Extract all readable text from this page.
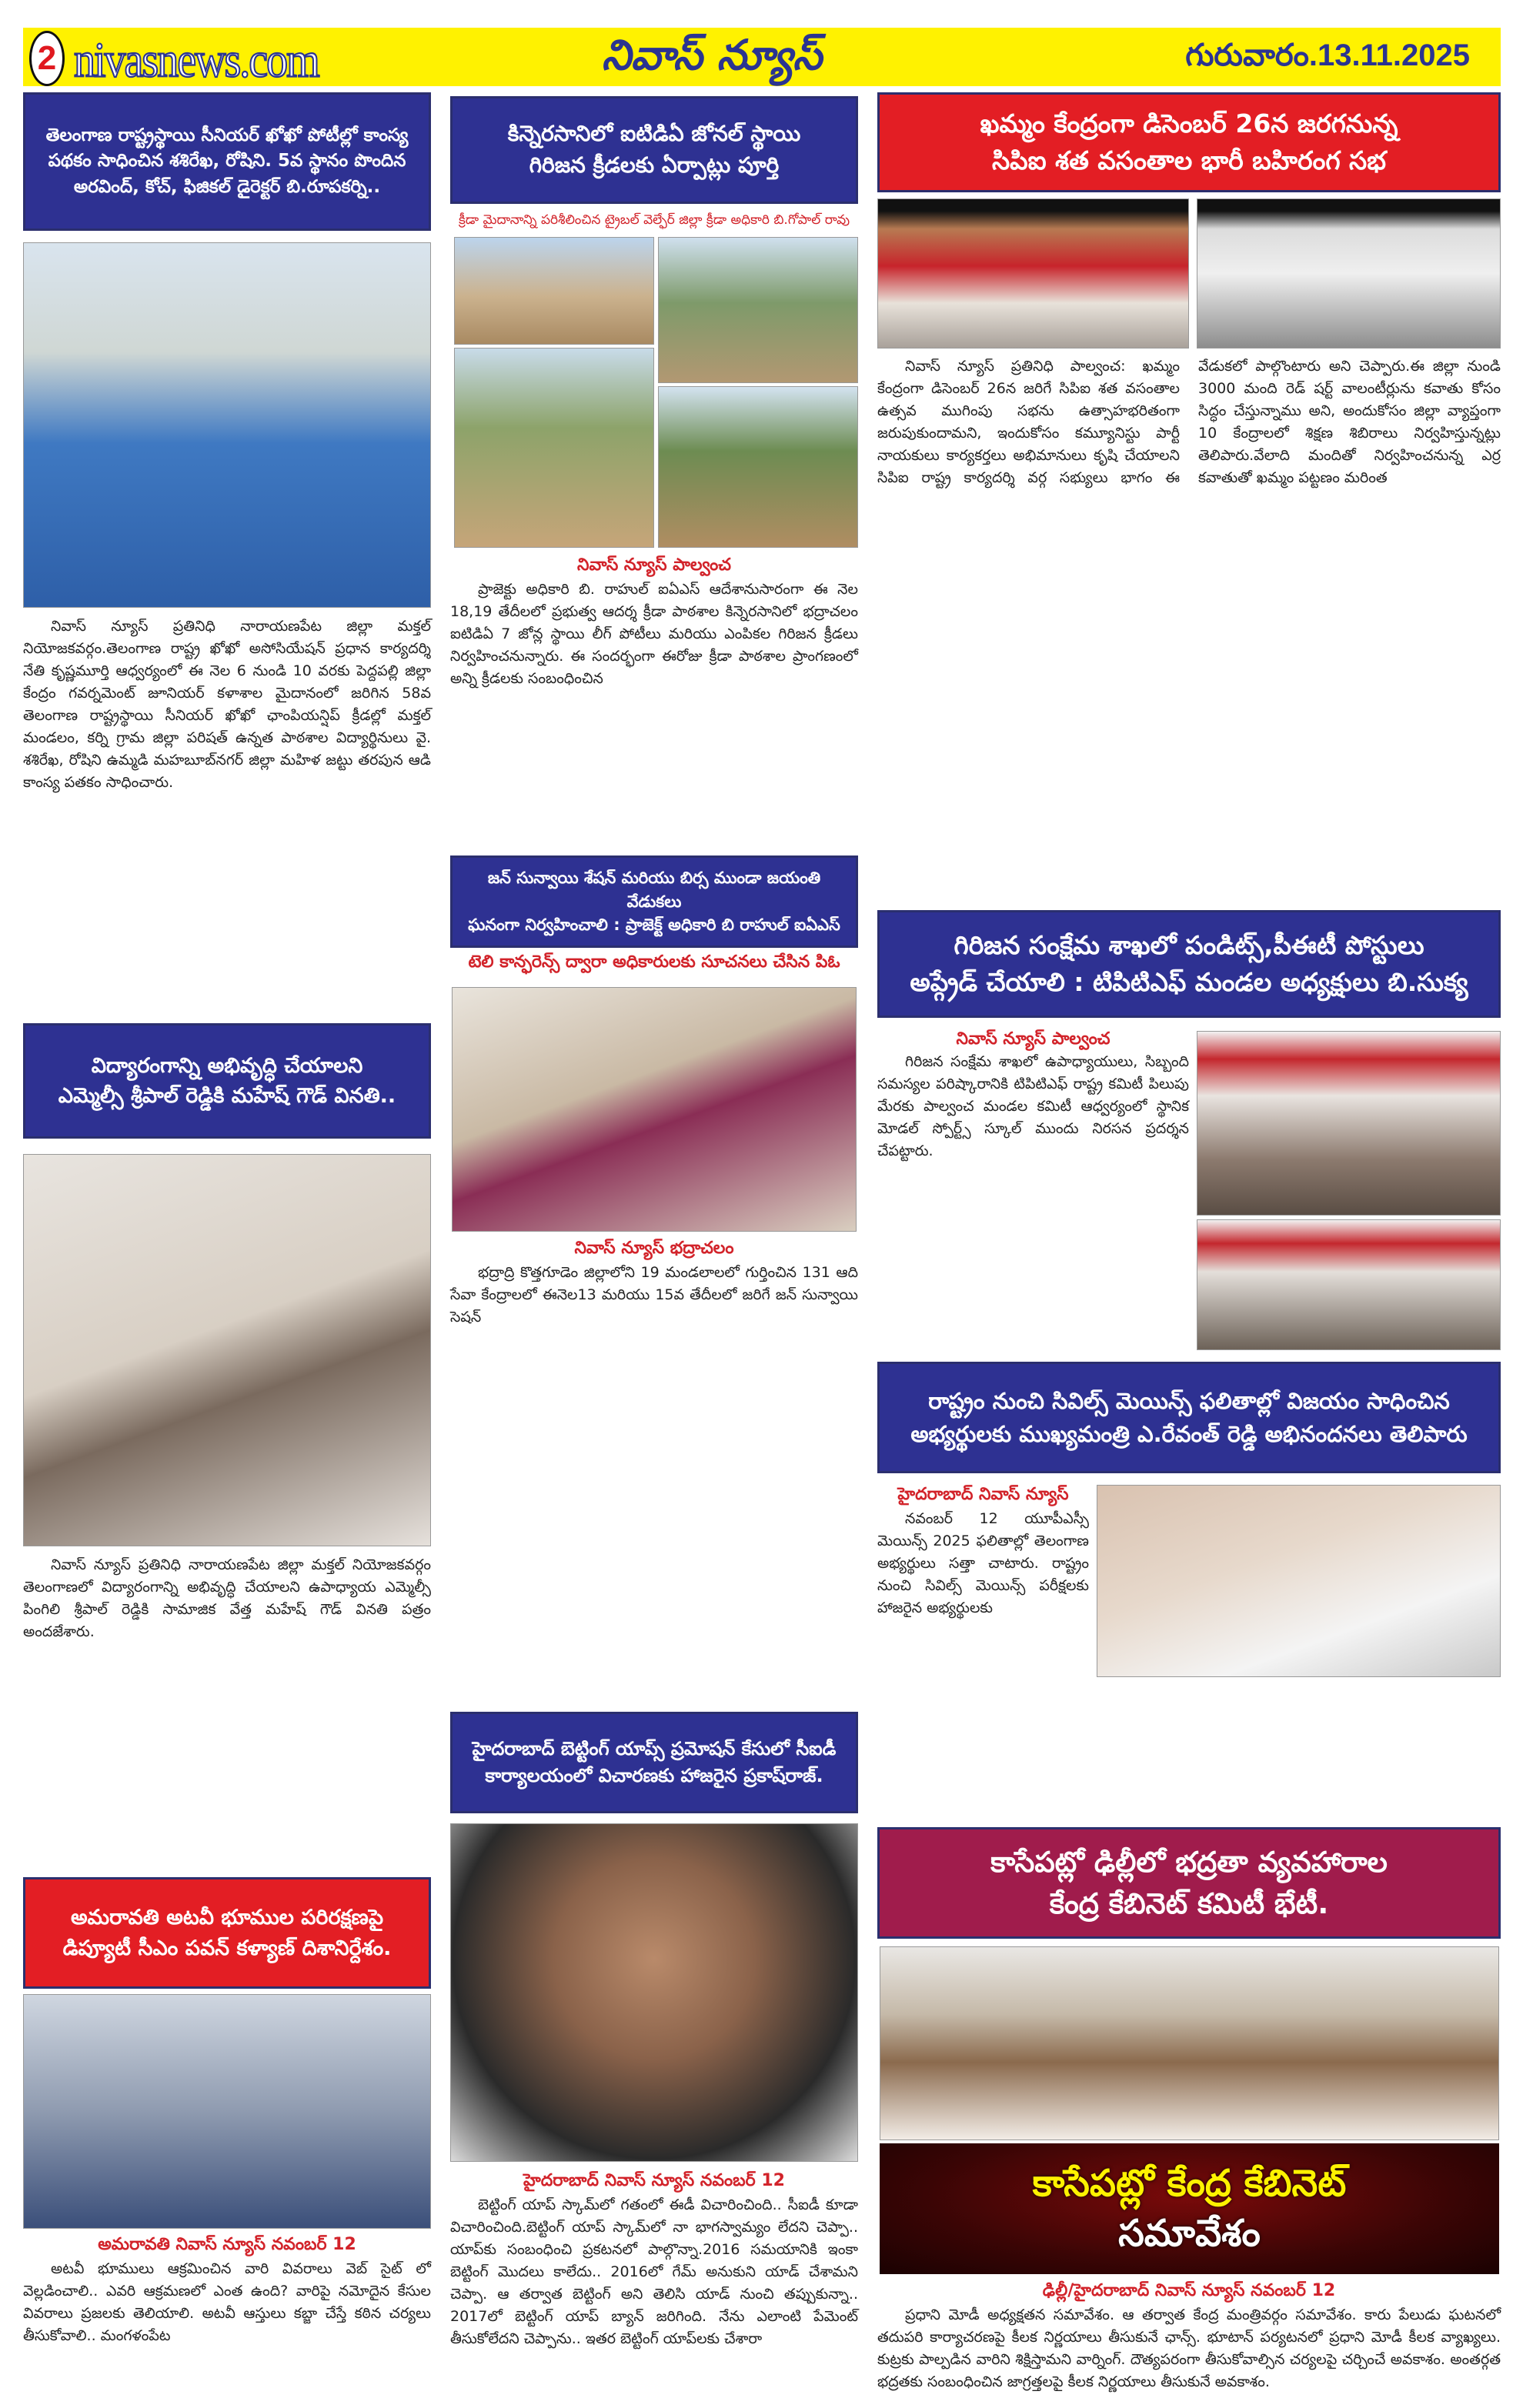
2 nivasnews.com	నివాస్ న్యూస్	గురువారం.13.11.2025
తెలంగాణ రాష్ట్రస్థాయి సీనియర్ ఖోఖో పోటీల్లో కాంస్య
పథకం సాధించిన శశిరేఖ, రోషిని. 5వ స్థానం పొందిన
అరవింద్, కోచ్, ఫిజికల్ డైరెక్టర్ బి.రూపకర్ని..

నివాస్ న్యూస్ ప్రతినిధి నారాయణపేట జిల్లా మక్తల్ నియోజకవర్గం.తెలంగాణ రాష్ట్ర ఖోఖో అసోసియేషన్ ప్రధాన కార్యదర్శి నేతి కృష్ణమూర్తి ఆధ్వర్యంలో ఈ నెల 6 నుండి 10 వరకు పెద్దపల్లి జిల్లా కేంద్రం గవర్నమెంట్ జూనియర్ కళాశాల మైదానంలో జరిగిన 58వ తెలంగాణ రాష్ట్రస్థాయి సీనియర్ ఖోఖో ఛాంపియన్షిప్ క్రీడల్లో మక్తల్ మండలం, కర్ని గ్రామ జిల్లా పరిషత్ ఉన్నత పాఠశాల విద్యార్థినులు వై. శశిరేఖ, రోషిని ఉమ్మడి మహబూబ్‌నగర్ జిల్లా మహిళ జట్టు తరపున ఆడి కాంస్య పతకం సాధించారు.

విద్యారంగాన్ని అభివృద్ధి చేయాలని
ఎమ్మెల్సీ శ్రీపాల్ రెడ్డికి మహేష్ గౌడ్ వినతి..

నివాస్ న్యూస్ ప్రతినిధి నారాయణపేట జిల్లా మక్తల్ నియోజకవర్గం తెలంగాణలో విద్యారంగాన్ని అభివృద్ధి చేయాలని ఉపాధ్యాయ ఎమ్మెల్సీ పింగిలి శ్రీపాల్ రెడ్డికి సామాజిక వేత్త మహేష్ గౌడ్ వినతి పత్రం అందజేశారు.

అమరావతి అటవీ భూముల పరిరక్షణపై
డిప్యూటీ సీఎం పవన్ కళ్యాణ్ దిశానిర్దేశం.
అమరావతి నివాస్ న్యూస్ నవంబర్ 12

అటవీ భూములు ఆక్రమించిన వారి వివరాలు వెబ్ సైట్ లో వెల్లడించాలి.. ఎవరి ఆక్రమణలో ఎంత ఉంది? వారిపై నమోదైన కేసుల వివరాలు ప్రజలకు తెలియాలి. అటవీ ఆస్తులు కబ్జా చేస్తే కఠిన చర్యలు తీసుకోవాలి.. మంగళంపేట

కిన్నెరసానిలో ఐటిడిఏ జోనల్ స్థాయి
గిరిజన క్రీడలకు ఏర్పాట్లు పూర్తి
క్రీడా మైదానాన్ని పరిశీలించిన ట్రైబల్ వెల్ఫేర్ జిల్లా క్రీడా అధికారి బి.గోపాల్ రావు
నివాస్ న్యూస్ పాల్వంచ

ప్రాజెక్టు అధికారి బి. రాహుల్ ఐఏఎస్ ఆదేశానుసారంగా ఈ నెల 18,19 తేదీలలో ప్రభుత్వ ఆదర్శ క్రీడా పాఠశాల కిన్నెరసానిలో భద్రాచలం ఐటిడిఏ 7 జోన్ల స్థాయి లీగ్ పోటీలు మరియు ఎంపికల గిరిజన క్రీడలు నిర్వహించనున్నారు. ఈ సందర్భంగా ఈరోజు క్రీడా పాఠశాల ప్రాంగణంలో అన్ని క్రీడలకు సంబంధించిన

జన్ సున్వాయి శేషన్ మరియు బిర్స ముండా జయంతి వేడుకలు
ఘనంగా నిర్వహించాలి : ప్రాజెక్ట్ అధికారి బి రాహుల్ ఐఏఎస్
టెలి కాన్ఫరెన్స్ ద్వారా అధికారులకు సూచనలు చేసిన పిఓ
నివాస్ న్యూస్ భద్రాచలం

భద్రాద్రి కొత్తగూడెం జిల్లాలోని 19 మండలాలలో గుర్తించిన 131 ఆది సేవా కేంద్రాలలో ఈనెల13 మరియు 15వ తేదీలలో జరిగే జన్ సున్వాయి సెషన్

హైదరాబాద్ బెట్టింగ్ యాప్స్ ప్రమోషన్ కేసులో సీఐడీ
కార్యాలయంలో విచారణకు హాజరైన ప్రకాష్‌రాజ్.
హైదరాబాద్ నివాస్ న్యూస్ నవంబర్ 12

బెట్టింగ్ యాప్ స్కామ్‌లో గతంలో ఈడీ విచారించింది.. సీఐడీ కూడా విచారించింది.బెట్టింగ్ యాప్ స్కామ్‌లో నా భాగస్వామ్యం లేదని చెప్పా.. యాప్‌కు సంబంధించి ప్రకటనలో పాల్గొన్నా.2016 సమయానికి ఇంకా బెట్టింగ్ మొదలు కాలేదు.. 2016లో గేమ్ అనుకుని యాడ్ చేశామని చెప్పా. ఆ తర్వాత బెట్టింగ్ అని తెలిసి యాడ్ నుంచి తప్పుకున్నా.. 2017లో బెట్టింగ్ యాప్ బ్యాన్ జరిగింది. నేను ఎలాంటి పేమెంట్ తీసుకోలేదని చెప్పాను.. ఇతర బెట్టింగ్ యాప్‌లకు చేశారా

ఖమ్మం కేంద్రంగా డిసెంబర్ 26న జరగనున్న
సిపిఐ శత వసంతాల భారీ బహిరంగ సభ

నివాస్ న్యూస్ ప్రతినిధి పాల్వంచ: ఖమ్మం కేంద్రంగా డిసెంబర్ 26న జరిగే సిపిఐ శత వసంతాల ఉత్సవ ముగింపు సభను ఉత్సాహభరితంగా జరుపుకుందామని, ఇందుకోసం కమ్యూనిస్టు పార్టీ నాయకులు కార్యకర్తలు అభిమానులు కృషి చేయాలని సిపిఐ రాష్ట్ర కార్యదర్శి వర్గ సభ్యులు భాగం ఈ వేడుకలో పాల్గొంటారు అని చెప్పారు.ఈ జిల్లా నుండి 3000 మంది రెడ్ షర్ట్ వాలంటీర్లును కవాతు కోసం సిద్ధం చేస్తున్నాము అని, అందుకోసం జిల్లా వ్యాప్తంగా 10 కేంద్రాలలో శిక్షణ శిబిరాలు నిర్వహిస్తున్నట్లు తెలిపారు.వేలాది మందితో నిర్వహించనున్న ఎర్ర కవాతుతో ఖమ్మం పట్టణం మరింత

గిరిజన సంక్షేమ శాఖలో పండిట్స్,పీఈటీ పోస్టులు
అప్గ్రేడ్ చేయాలి : టిపిటిఎఫ్ మండల అధ్యక్షులు బి.సుక్య
నివాస్ న్యూస్ పాల్వంచ

గిరిజన సంక్షేమ శాఖలో ఉపాధ్యాయులు, సిబ్బంది సమస్యల పరిష్కారానికి టిపిటిఎఫ్ రాష్ట్ర కమిటీ పిలుపు మేరకు పాల్వంచ మండల కమిటీ ఆధ్వర్యంలో స్థానిక మోడల్ స్పోర్ట్స్ స్కూల్ ముందు నిరసన ప్రదర్శన చేపట్టారు.

రాష్ట్రం నుంచి సివిల్స్ మెయిన్స్ ఫలితాల్లో విజయం సాధించిన
అభ్యర్థులకు ముఖ్యమంత్రి ఎ.రేవంత్ రెడ్డి అభినందనలు తెలిపారు
హైదరాబాద్ నివాస్ న్యూస్

నవంబర్ 12 యూపీఎస్సీ మెయిన్స్ 2025 ఫలితాల్లో తెలంగాణ అభ్యర్థులు సత్తా చాటారు. రాష్ట్రం నుంచి సివిల్స్ మెయిన్స్ పరీక్షలకు హాజరైన అభ్యర్థులకు

కాసేపట్లో ఢిల్లీలో భద్రతా వ్యవహారాల
కేంద్ర కేబినెట్ కమిటీ భేటీ.
కాసేపట్లో కేంద్ర కేబినెట్
సమావేశం
ఢిల్లీ/హైదరాబాద్ నివాస్ న్యూస్ నవంబర్ 12

ప్రధాని మోడీ అధ్యక్షతన సమావేశం. ఆ తర్వాత కేంద్ర మంత్రివర్గం సమావేశం. కారు పేలుడు ఘటనలో తదుపరి కార్యాచరణపై కీలక నిర్ణయాలు తీసుకునే ఛాన్స్. భూటాన్ పర్యటనలో ప్రధాని మోడీ కీలక వ్యాఖ్యలు. కుట్రకు పాల్పడిన వారిని శిక్షిస్తామని వార్నింగ్. దౌత్యపరంగా తీసుకోవాల్సిన చర్యలపై చర్చించే అవకాశం. అంతర్గత భద్రతకు సంబంధించిన జాగ్రత్తలపై కీలక నిర్ణయాలు తీసుకునే అవకాశం.
